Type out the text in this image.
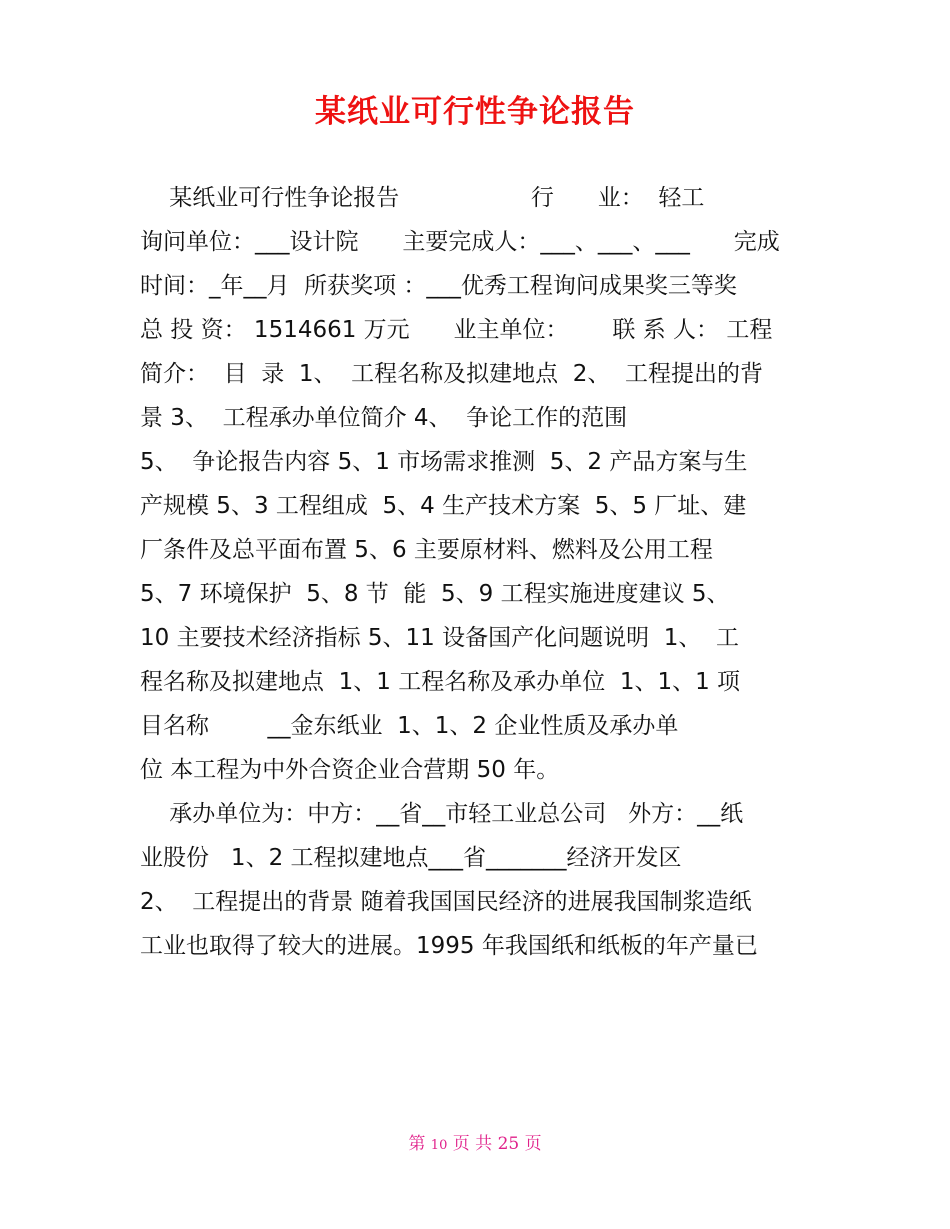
某纸业可行性争论报告
某纸业可行性争论报告                  行      业：  轻工
询问单位：___设计院      主要完成人：___、___、___      完成
时间：_年__月  所获奖项 ：___优秀工程询问成果奖三等奖
总 投 资： 1514661 万元      业主单位：      联 系 人： 工程
简介：  目  录  1、  工程名称及拟建地点  2、  工程提出的背
景 3、  工程承办单位简介 4、  争论工作的范围
5、  争论报告内容 5、1 市场需求推测  5、2 产品方案与生
产规模 5、3 工程组成  5、4 生产技术方案  5、5 厂址、建
厂条件及总平面布置 5、6 主要原材料、燃料及公用工程
5、7 环境保护  5、8 节  能  5、9 工程实施进度建议 5、
10 主要技术经济指标 5、11 设备国产化问题说明  1、  工
程名称及拟建地点  1、1 工程名称及承办单位  1、1、1 项
目名称        __金东纸业  1、1、2 企业性质及承办单
位 本工程为中外合资企业合营期 50 年。
承办单位为：中方：__省__市轻工业总公司   外方：__纸
业股份   1、2 工程拟建地点___省_______经济开发区
2、  工程提出的背景 随着我国国民经济的进展我国制浆造纸
工业也取得了较大的进展。1995 年我国纸和纸板的年产量已
第 10 页 共 25 页
